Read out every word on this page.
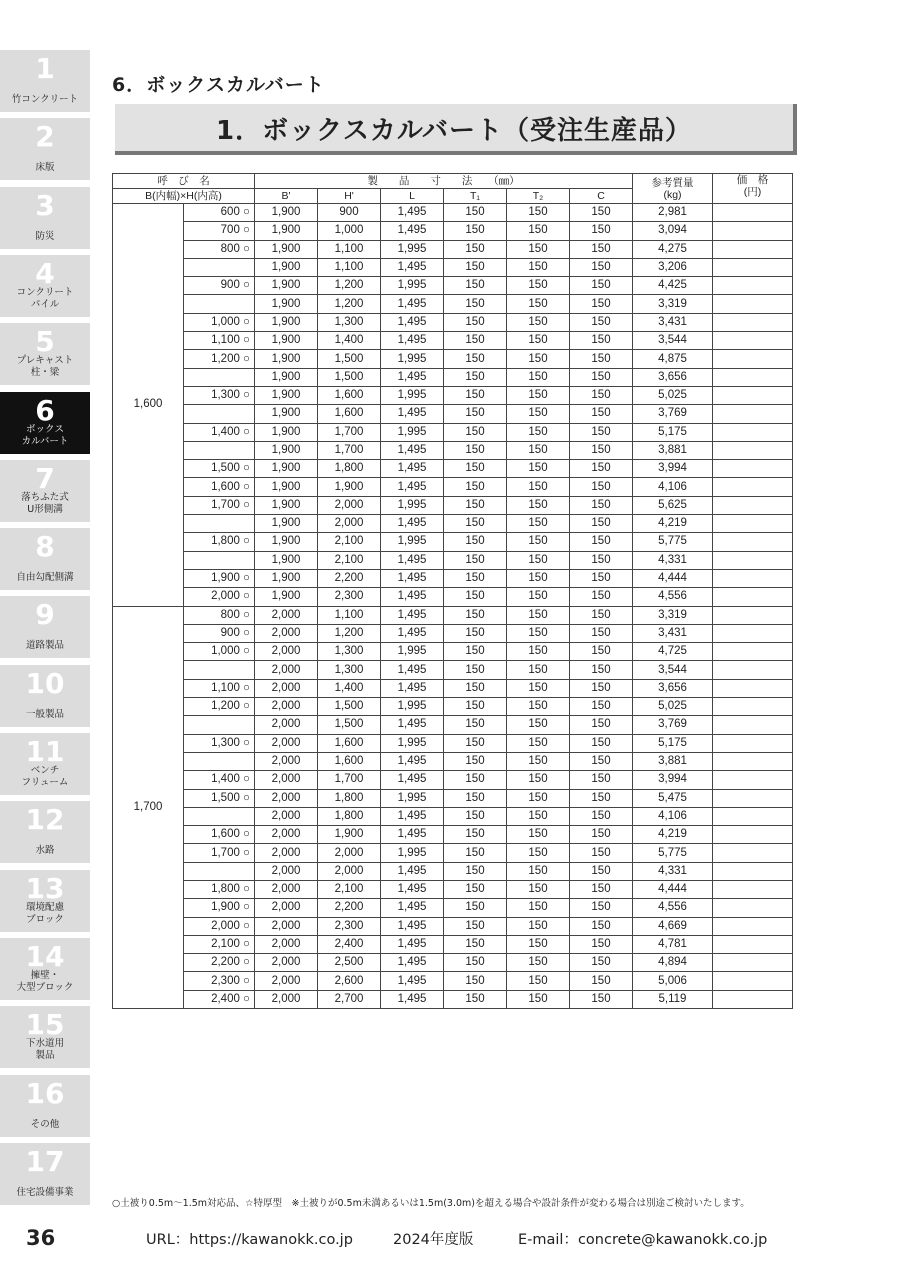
1
竹コンクリート
2
床版
3
防災
4
コンクリート
パイル
5
プレキャスト
柱・梁
6
ボックス
カルバート
7
落ちふた式
U形側溝
8
自由勾配側溝
9
道路製品
10
一般製品
11
ベンチ
フリューム
12
水路
13
環境配慮
ブロック
14
擁壁・
大型ブロック
15
下水道用
製品
16
その他
17
住宅設備事業
6．ボックスカルバート
1．ボックスカルバート（受注生産品）
呼　び　名		製　　品　　寸　　法　　（㎜）						参考質量
(kg)	価　格
(円)
B(内幅)×H(内高)		B'	H'	L	T₁	T₂	C		
1,600	600 ○	1,900	900	1,495	150	150	150	2,981	
	700 ○	1,900	1,000	1,495	150	150	150	3,094	
	800 ○	1,900	1,100	1,995	150	150	150	4,275	
		1,900	1,100	1,495	150	150	150	3,206	
	900 ○	1,900	1,200	1,995	150	150	150	4,425	
		1,900	1,200	1,495	150	150	150	3,319	
	1,000 ○	1,900	1,300	1,495	150	150	150	3,431	
	1,100 ○	1,900	1,400	1,495	150	150	150	3,544	
	1,200 ○	1,900	1,500	1,995	150	150	150	4,875	
		1,900	1,500	1,495	150	150	150	3,656	
	1,300 ○	1,900	1,600	1,995	150	150	150	5,025	
		1,900	1,600	1,495	150	150	150	3,769	
	1,400 ○	1,900	1,700	1,995	150	150	150	5,175	
		1,900	1,700	1,495	150	150	150	3,881	
	1,500 ○	1,900	1,800	1,495	150	150	150	3,994	
	1,600 ○	1,900	1,900	1,495	150	150	150	4,106	
	1,700 ○	1,900	2,000	1,995	150	150	150	5,625	
		1,900	2,000	1,495	150	150	150	4,219	
	1,800 ○	1,900	2,100	1,995	150	150	150	5,775	
		1,900	2,100	1,495	150	150	150	4,331	
	1,900 ○	1,900	2,200	1,495	150	150	150	4,444	
	2,000 ○	1,900	2,300	1,495	150	150	150	4,556	
1,700	800 ○	2,000	1,100	1,495	150	150	150	3,319	
	900 ○	2,000	1,200	1,495	150	150	150	3,431	
	1,000 ○	2,000	1,300	1,995	150	150	150	4,725	
		2,000	1,300	1,495	150	150	150	3,544	
	1,100 ○	2,000	1,400	1,495	150	150	150	3,656	
	1,200 ○	2,000	1,500	1,995	150	150	150	5,025	
		2,000	1,500	1,495	150	150	150	3,769	
	1,300 ○	2,000	1,600	1,995	150	150	150	5,175	
		2,000	1,600	1,495	150	150	150	3,881	
	1,400 ○	2,000	1,700	1,495	150	150	150	3,994	
	1,500 ○	2,000	1,800	1,995	150	150	150	5,475	
		2,000	1,800	1,495	150	150	150	4,106	
	1,600 ○	2,000	1,900	1,495	150	150	150	4,219	
	1,700 ○	2,000	2,000	1,995	150	150	150	5,775	
		2,000	2,000	1,495	150	150	150	4,331	
	1,800 ○	2,000	2,100	1,495	150	150	150	4,444	
	1,900 ○	2,000	2,200	1,495	150	150	150	4,556	
	2,000 ○	2,000	2,300	1,495	150	150	150	4,669	
	2,100 ○	2,000	2,400	1,495	150	150	150	4,781	
	2,200 ○	2,000	2,500	1,495	150	150	150	4,894	
	2,300 ○	2,000	2,600	1,495	150	150	150	5,006	
	2,400 ○	2,000	2,700	1,495	150	150	150	5,119	
○土被り0.5m～1.5m対応品、☆特厚型　※土被りが0.5m未満あるいは1.5m(3.0m)を超える場合や設計条件が変わる場合は別途ご検討いたします。
36	URL：https://kawanokk.co.jp	2024年度版	E-mail：concrete@kawanokk.co.jp
